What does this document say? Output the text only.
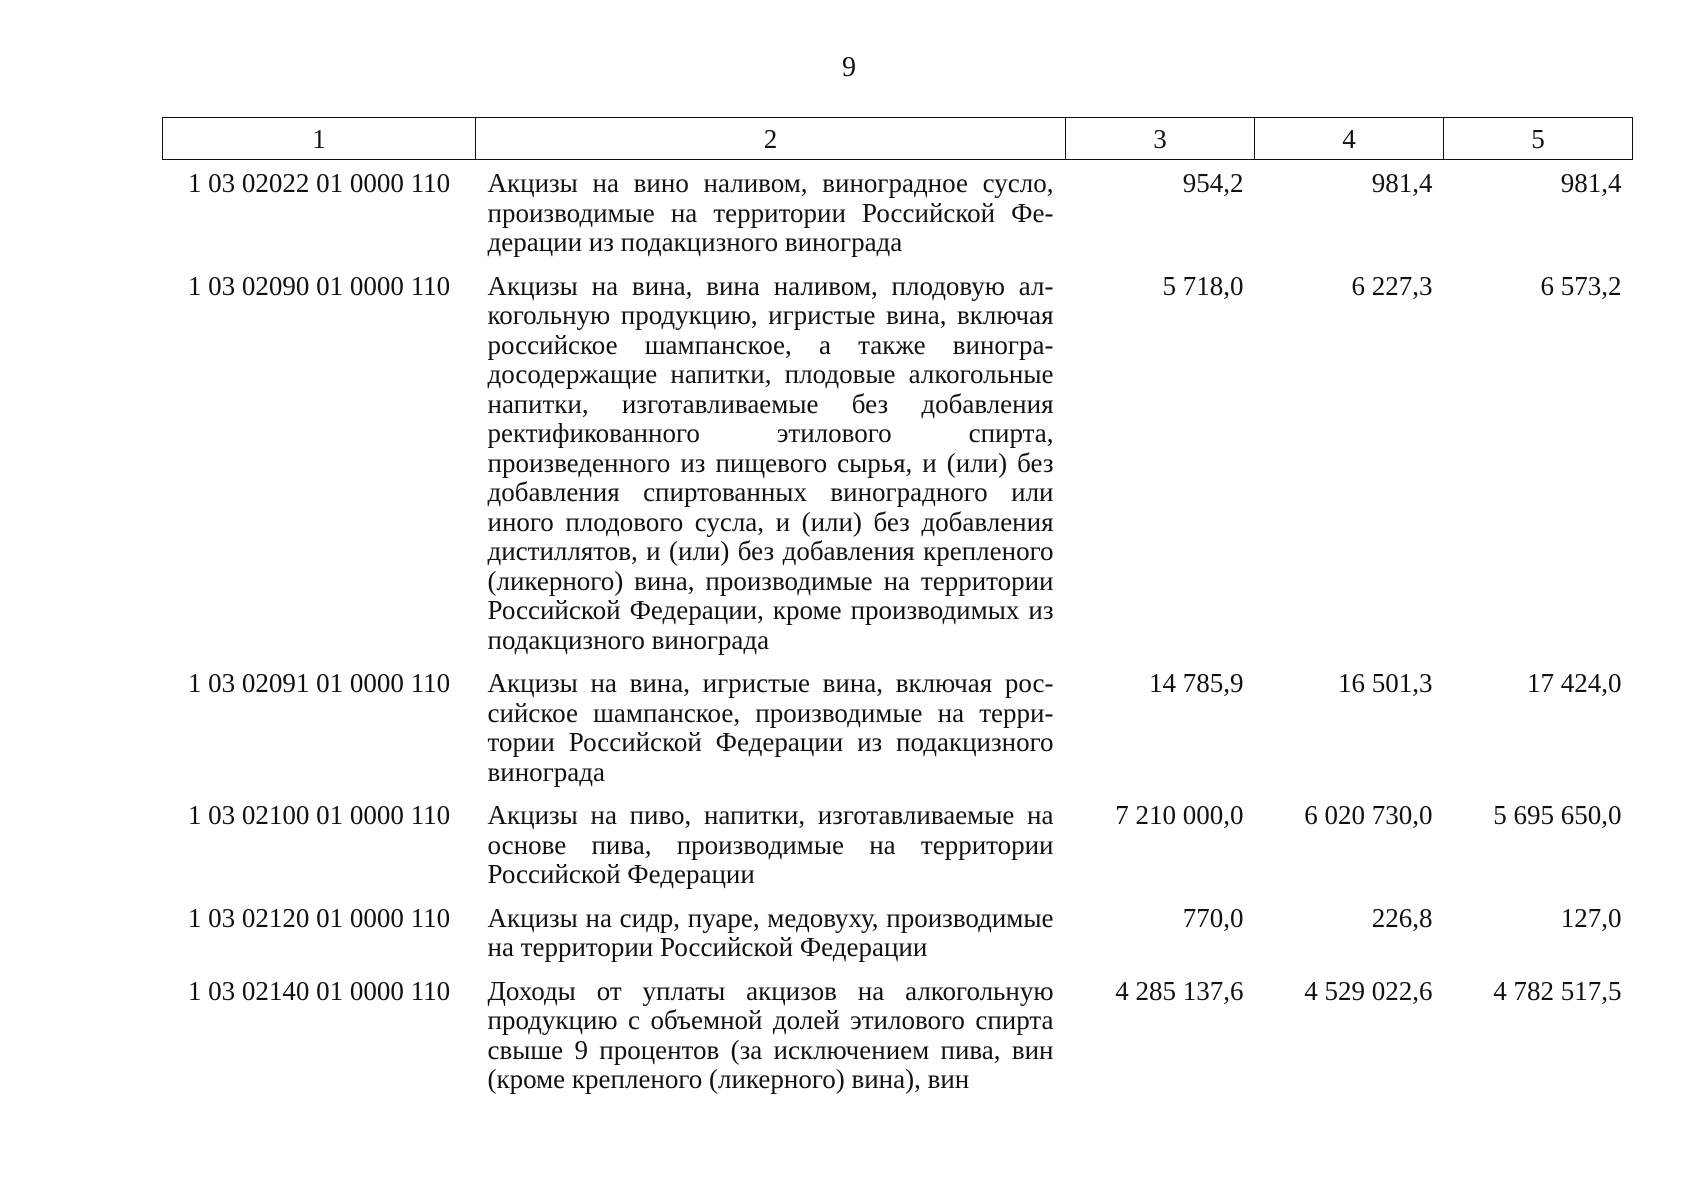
9
1	2	3	4	5
1 03 02022 01 0000 110	Акцизы на вино наливом, виноградное сусло, производимые на территории Российской Федерации из подакцизного винограда	954,2	981,4	981,4
1 03 02090 01 0000 110	Акцизы на вина, вина наливом, плодовую алкогольную продукцию, игристые вина, включая российское шампанское, а также виноградосодержащие напитки, плодовые алкогольные напитки, изготавливаемые без добавления ректификованного этилового спирта, произведенного из пищевого сырья, и (или) без добавления спиртованных виноградного или иного плодового сусла, и (или) без добавления дистиллятов, и (или) без добавления крепленого (ликерного) вина, производимые на территории Российской Федерации, кроме производимых из подакцизного винограда	5 718,0	6 227,3	6 573,2
1 03 02091 01 0000 110	Акцизы на вина, игристые вина, включая российское шампанское, производимые на территории Российской Федерации из подакцизного винограда	14 785,9	16 501,3	17 424,0
1 03 02100 01 0000 110	Акцизы на пиво, напитки, изготавливаемые на основе пива, производимые на территории Российской Федерации	7 210 000,0	6 020 730,0	5 695 650,0
1 03 02120 01 0000 110	Акцизы на сидр, пуаре, медовуху, производимые на территории Российской Федерации	770,0	226,8	127,0
1 03 02140 01 0000 110	Доходы от уплаты акцизов на алкогольную продукцию с объемной долей этилового спирта свыше 9 процентов (за исключением пива, вин (кроме крепленого (ликерного) вина), вин	4 285 137,6	4 529 022,6	4 782 517,5
